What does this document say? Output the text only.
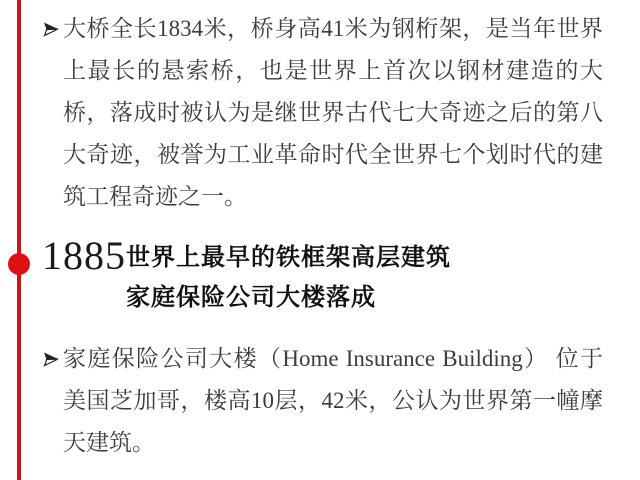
大桥全长1834米，桥身高41米为钢桁架，是当年世界上最长的悬索桥，也是世界上首次以钢材建造的大桥，落成时被认为是继世界古代七大奇迹之后的第八大奇迹，被誉为工业革命时代全世界七个划时代的建筑工程奇迹之一。

1885 世界上最早的铁框架高层建筑
家庭保险公司大楼落成

家庭保险公司大楼（Home Insurance Building） 位于美国芝加哥，楼高10层，42米，公认为世界第一幢摩天建筑。
